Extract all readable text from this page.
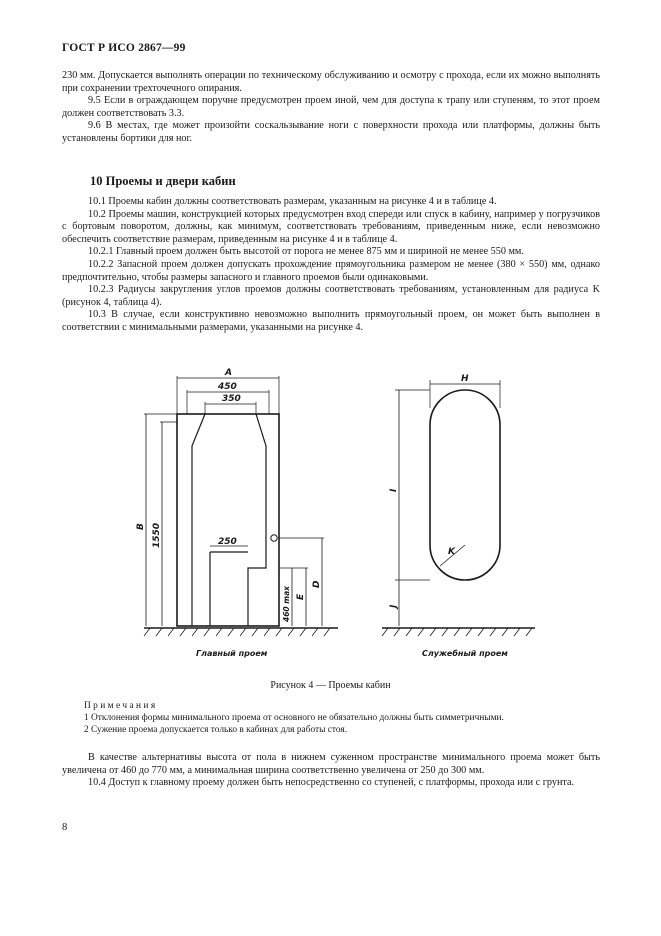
ГОСТ Р ИСО 2867—99

230 мм. Допускается выполнять операции по техническому обслуживанию и осмотру с прохода, если их можно выполнять при сохранении трехточечного опирания.

9.5 Если в ограждающем поручне предусмотрен проем иной, чем для доступа к трапу или ступеням, то этот проем должен соответствовать 3.3.

9.6 В местах, где может произойти соскальзывание ноги с поверхности прохода или платформы, должны быть установлены бортики для ног.

10 Проемы и двери кабин

10.1 Проемы кабин должны соответствовать размерам, указанным на рисунке 4 и в таблице 4.

10.2 Проемы машин, конструкцией которых предусмотрен вход спереди или спуск в кабину, например у погрузчиков с бортовым поворотом, должны, как минимум, соответствовать требованиям, приведенным ниже, если невозможно обеспечить соответствие размерам, приведенным на рисунке 4 и в таблице 4.

10.2.1 Главный проем должен быть высотой от порога не менее 875 мм и шириной не менее 550 мм.

10.2.2 Запасной проем должен допускать прохождение прямоугольника размером не менее (380 × 550) мм, однако предпочтительно, чтобы размеры запасного и главного проемов были одинаковыми.

10.2.3 Радиусы закругления углов проемов должны соответствовать требованиям, установленным для радиуса K (рисунок 4, таблица 4).

10.3 В случае, если конструктивно невозможно выполнить прямоугольный проем, он может быть выполнен в соответствии с минимальными размерами, указанными на рисунке 4.

A
450
350
250
B 1550
D
E
460 max
H
I
J
K
Главный проем	Служебный проем
Рисунок 4 — Проемы кабин
Примечания
1 Отклонения формы минимального проема от основного не обязательно должны быть симметричными.
2 Сужение проема допускается только в кабинах для работы стоя.

В качестве альтернативы высота от пола в нижнем суженном пространстве минимального проема может быть увеличена от 460 до 770 мм, а минимальная ширина соответственно увеличена от 250 до 300 мм.

10.4 Доступ к главному проему должен быть непосредственно со ступеней, с платформы, прохода или с грунта.

8
